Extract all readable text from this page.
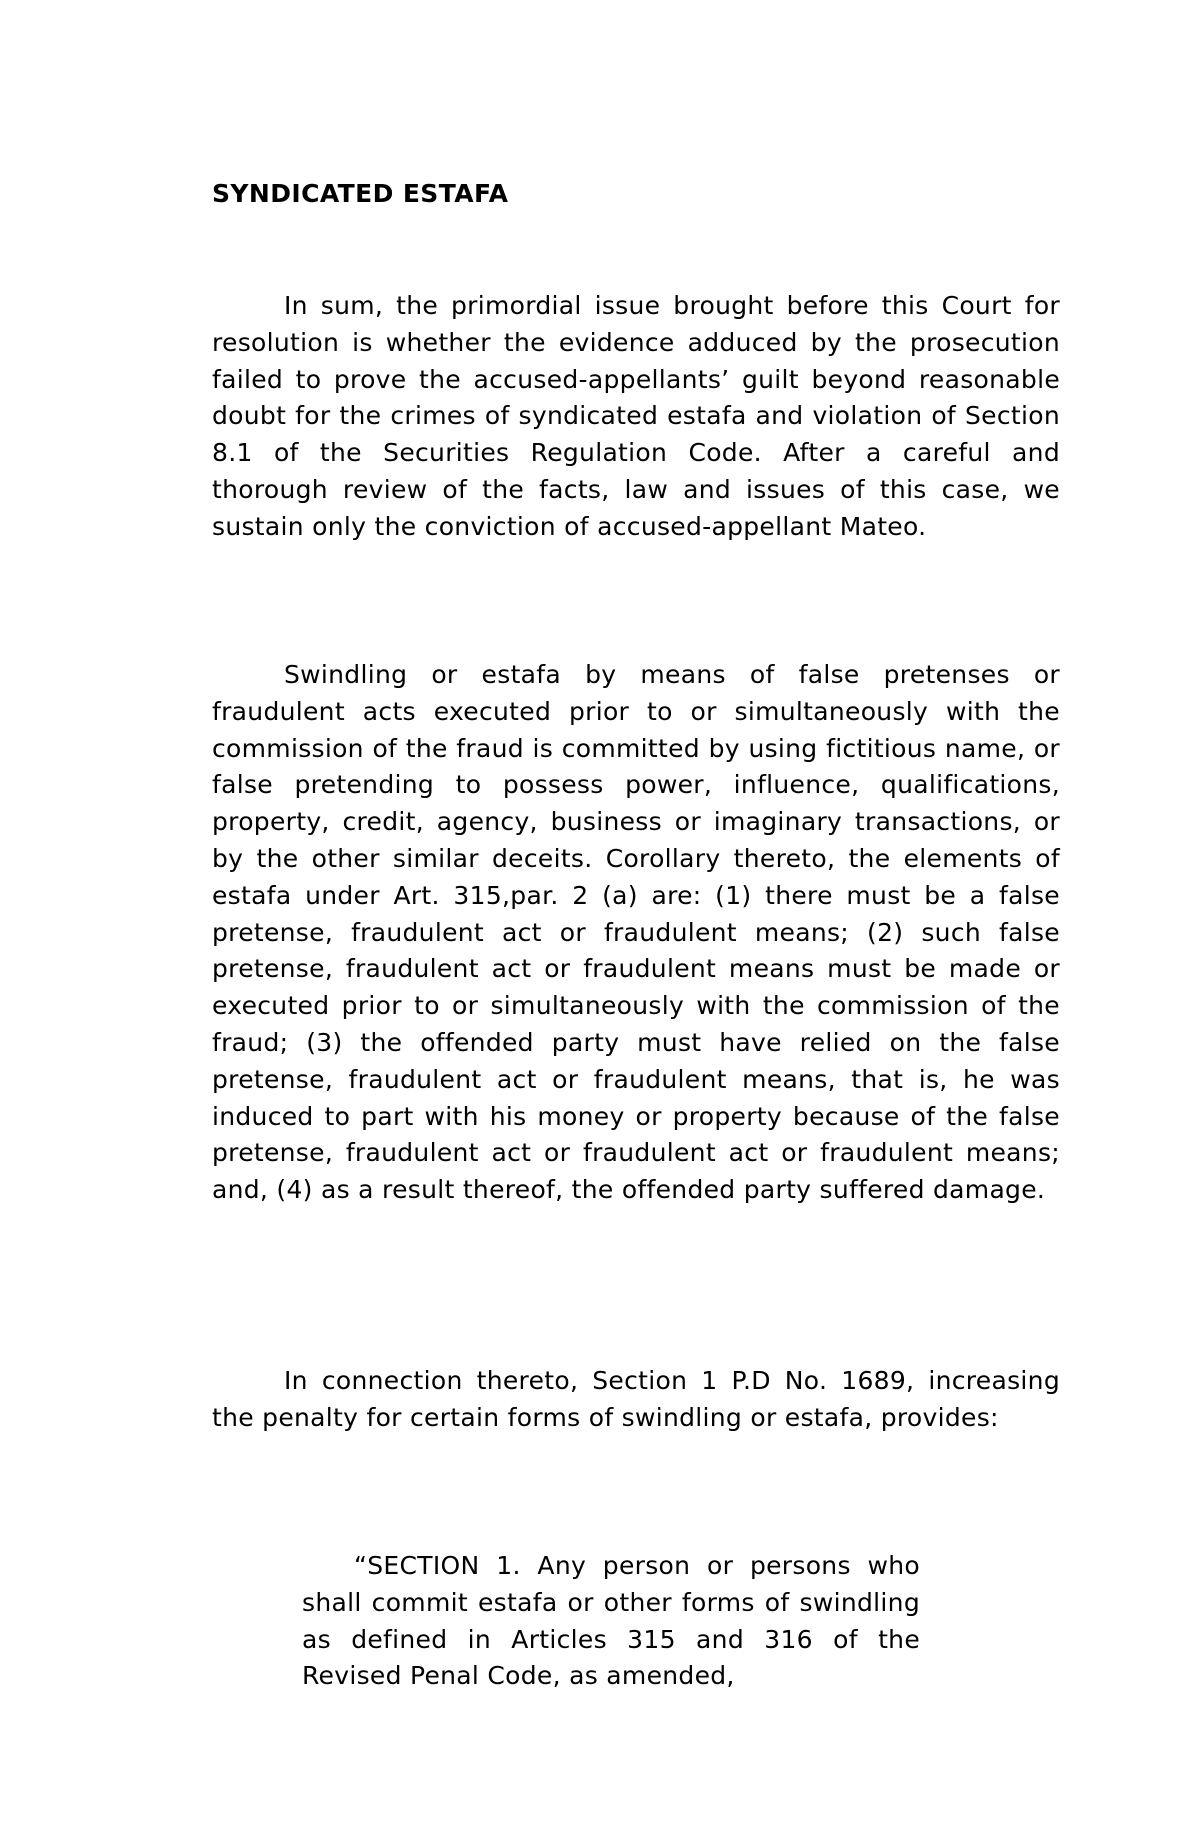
SYNDICATED ESTAFA

In sum, the primordial issue brought before this Court for resolution is whether the evidence adduced by the prosecution failed to prove the accused-appellants’ guilt beyond reasonable doubt for the crimes of syndicated estafa and violation of Section 8.1 of the Securities Regulation Code. After a careful and thorough review of the facts, law and issues of this case, we sustain only the conviction of accused-appellant Mateo.

Swindling or estafa by means of false pretenses or fraudulent acts executed prior to or simultaneously with the commission of the fraud is committed by using fictitious name, or false pretending to possess power, influence, qualifications, property, credit, agency, business or imaginary transactions, or by the other similar deceits. Corollary thereto, the elements of estafa under Art. 315,par. 2 (a) are: (1) there must be a false pretense, fraudulent act or fraudulent means; (2) such false pretense, fraudulent act or fraudulent means must be made or executed prior to or simultaneously with the commission of the fraud; (3) the offended party must have relied on the false pretense, fraudulent act or fraudulent means, that is, he was induced to part with his money or property because of the false pretense, fraudulent act or fraudulent act or fraudulent means; and, (4) as a result thereof, the offended party suffered damage.

In connection thereto, Section 1 P.D No. 1689, increasing the penalty for certain forms of swindling or estafa, provides:

“SECTION 1. Any person or persons who shall commit estafa or other forms of swindling as defined in Articles 315 and 316 of the Revised Penal Code, as amended,
